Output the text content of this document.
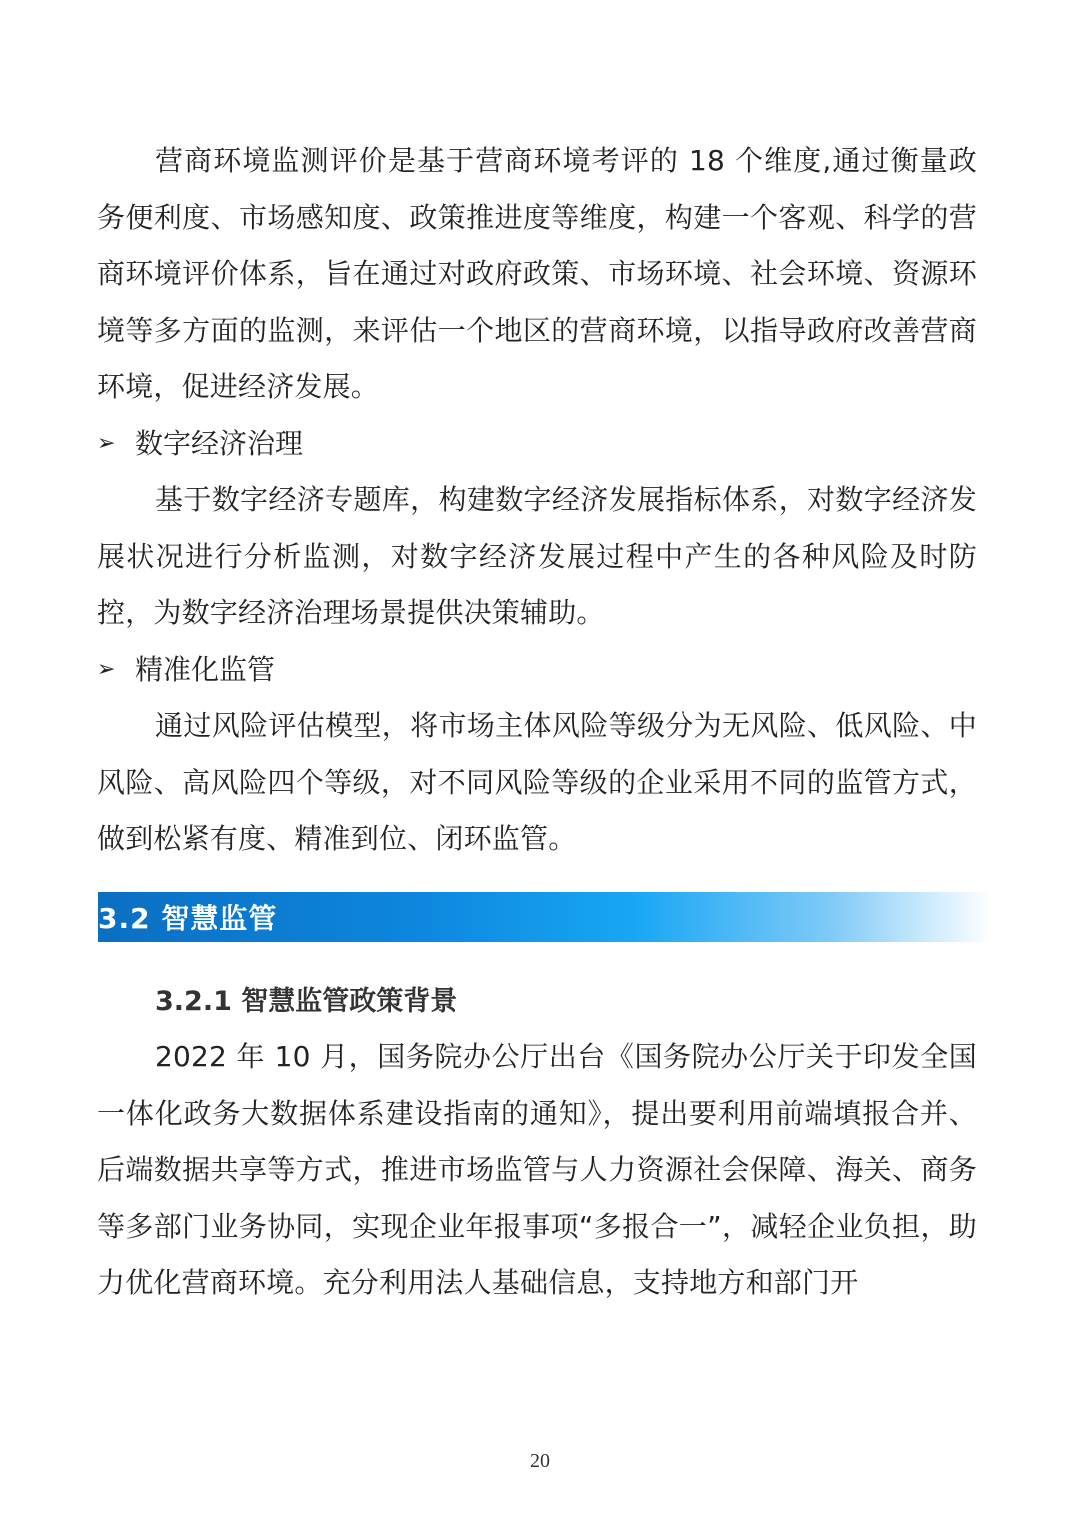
营商环境监测评价是基于营商环境考评的 18 个维度,通过衡量政务便利度、市场感知度、政策推进度等维度，构建一个客观、科学的营商环境评价体系，旨在通过对政府政策、市场环境、社会环境、资源环境等多方面的监测，来评估一个地区的营商环境，以指导政府改善营商环境，促进经济发展。

➢ 数字经济治理

基于数字经济专题库，构建数字经济发展指标体系，对数字经济发展状况进行分析监测，对数字经济发展过程中产生的各种风险及时防控，为数字经济治理场景提供决策辅助。

➢ 精准化监管

通过风险评估模型，将市场主体风险等级分为无风险、低风险、中风险、高风险四个等级，对不同风险等级的企业采用不同的监管方式，做到松紧有度、精准到位、闭环监管。

3.2 智慧监管
3.2.1 智慧监管政策背景

2022 年 10 月，国务院办公厅出台《国务院办公厅关于印发全国一体化政务大数据体系建设指南的通知》，提出要利用前端填报合并、后端数据共享等方式，推进市场监管与人力资源社会保障、海关、商务等多部门业务协同，实现企业年报事项“多报合一”，减轻企业负担，助力优化营商环境。充分利用法人基础信息，支持地方和部门开

20
